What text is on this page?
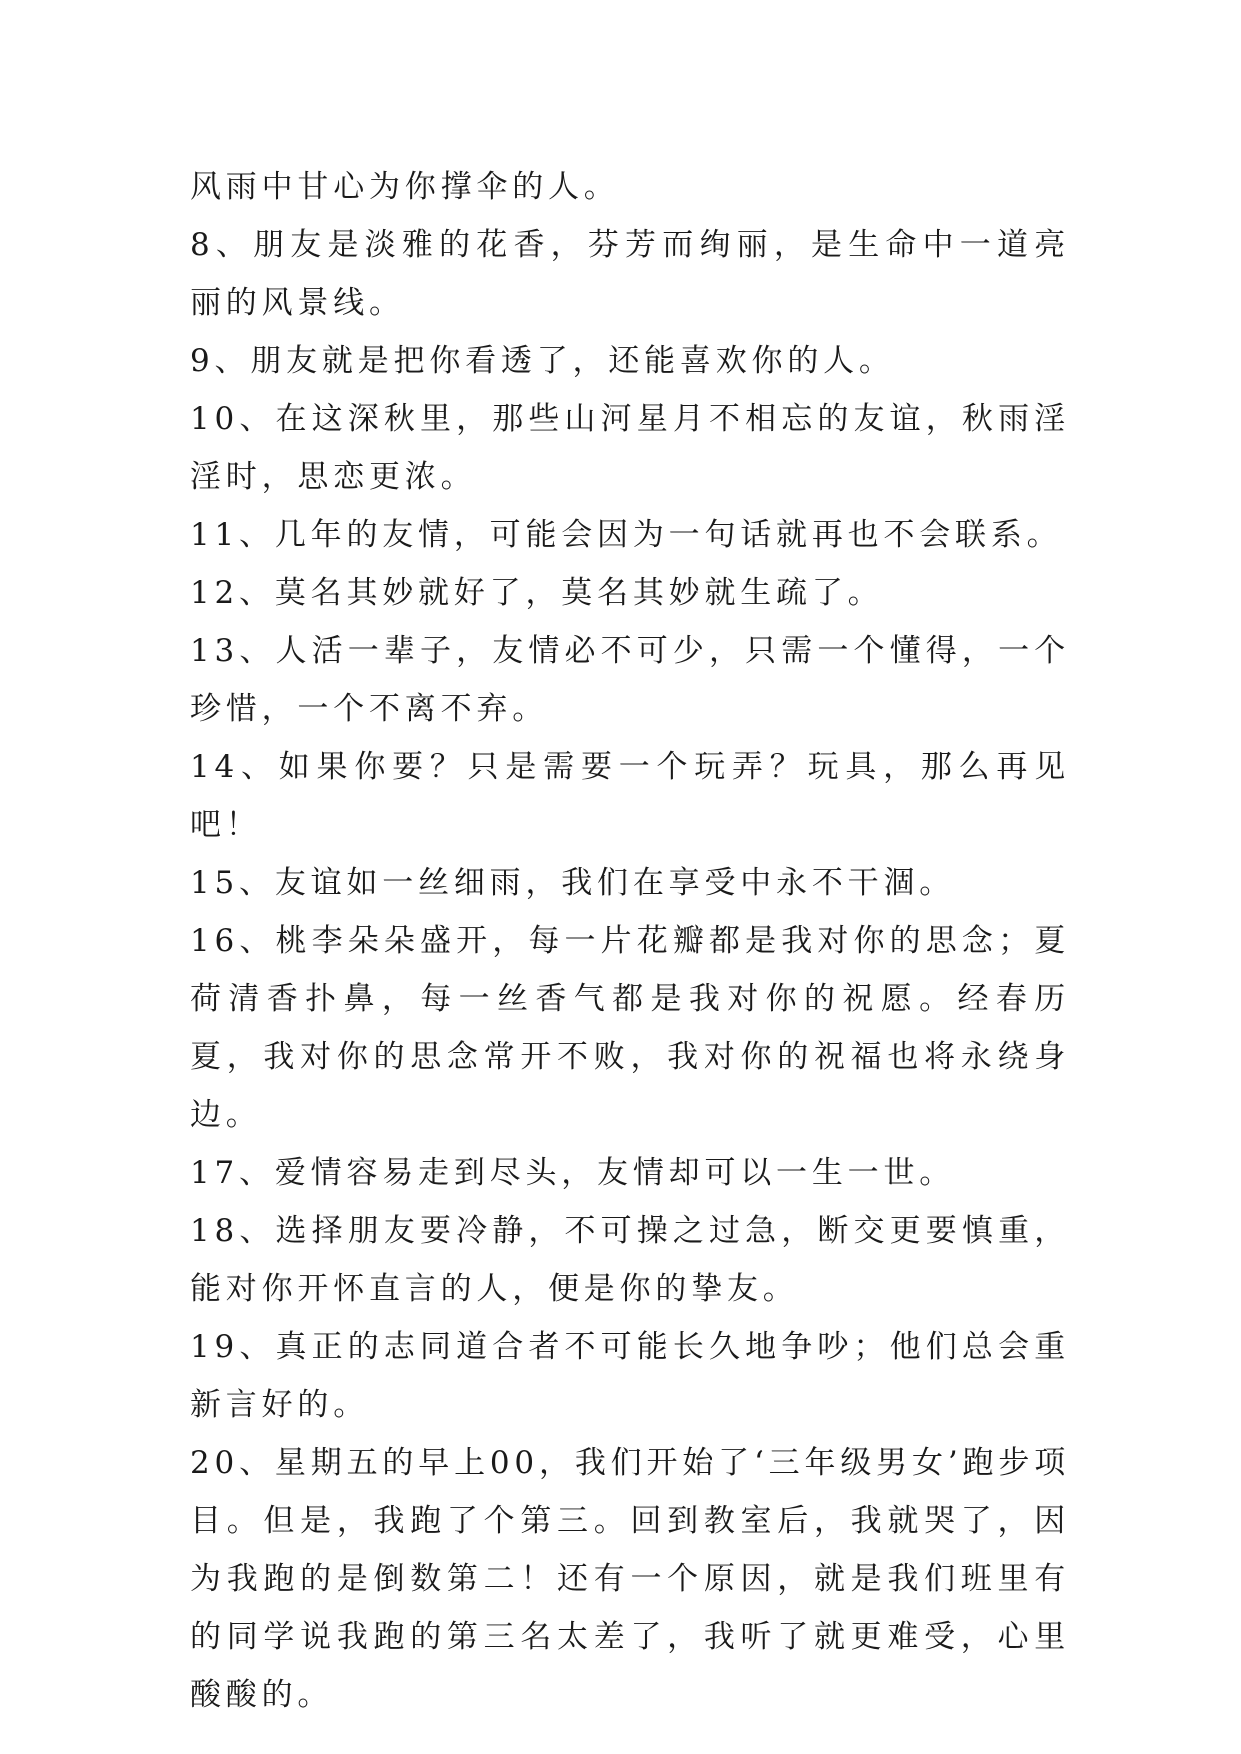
风雨中甘心为你撑伞的人。

8、朋友是淡雅的花香，芬芳而绚丽，是生命中一道亮丽的风景线。

9、朋友就是把你看透了，还能喜欢你的人。

10、在这深秋里，那些山河星月不相忘的友谊，秋雨淫淫时，思恋更浓。

11、几年的友情，可能会因为一句话就再也不会联系。

12、莫名其妙就好了，莫名其妙就生疏了。

13、人活一辈子，友情必不可少，只需一个懂得，一个珍惜，一个不离不弃。

14、如果你要？只是需要一个玩弄？玩具，那么再见吧！

15、友谊如一丝细雨，我们在享受中永不干涸。

16、桃李朵朵盛开，每一片花瓣都是我对你的思念；夏荷清香扑鼻，每一丝香气都是我对你的祝愿。经春历夏，我对你的思念常开不败，我对你的祝福也将永绕身边。

17、爱情容易走到尽头，友情却可以一生一世。

18、选择朋友要冷静，不可操之过急，断交更要慎重，能对你开怀直言的人，便是你的挚友。

19、真正的志同道合者不可能长久地争吵；他们总会重新言好的。

20、星期五的早上00，我们开始了‘三年级男女’跑步项目。但是，我跑了个第三。回到教室后，我就哭了，因为我跑的是倒数第二！还有一个原因，就是我们班里有的同学说我跑的第三名太差了，我听了就更难受，心里酸酸的。
